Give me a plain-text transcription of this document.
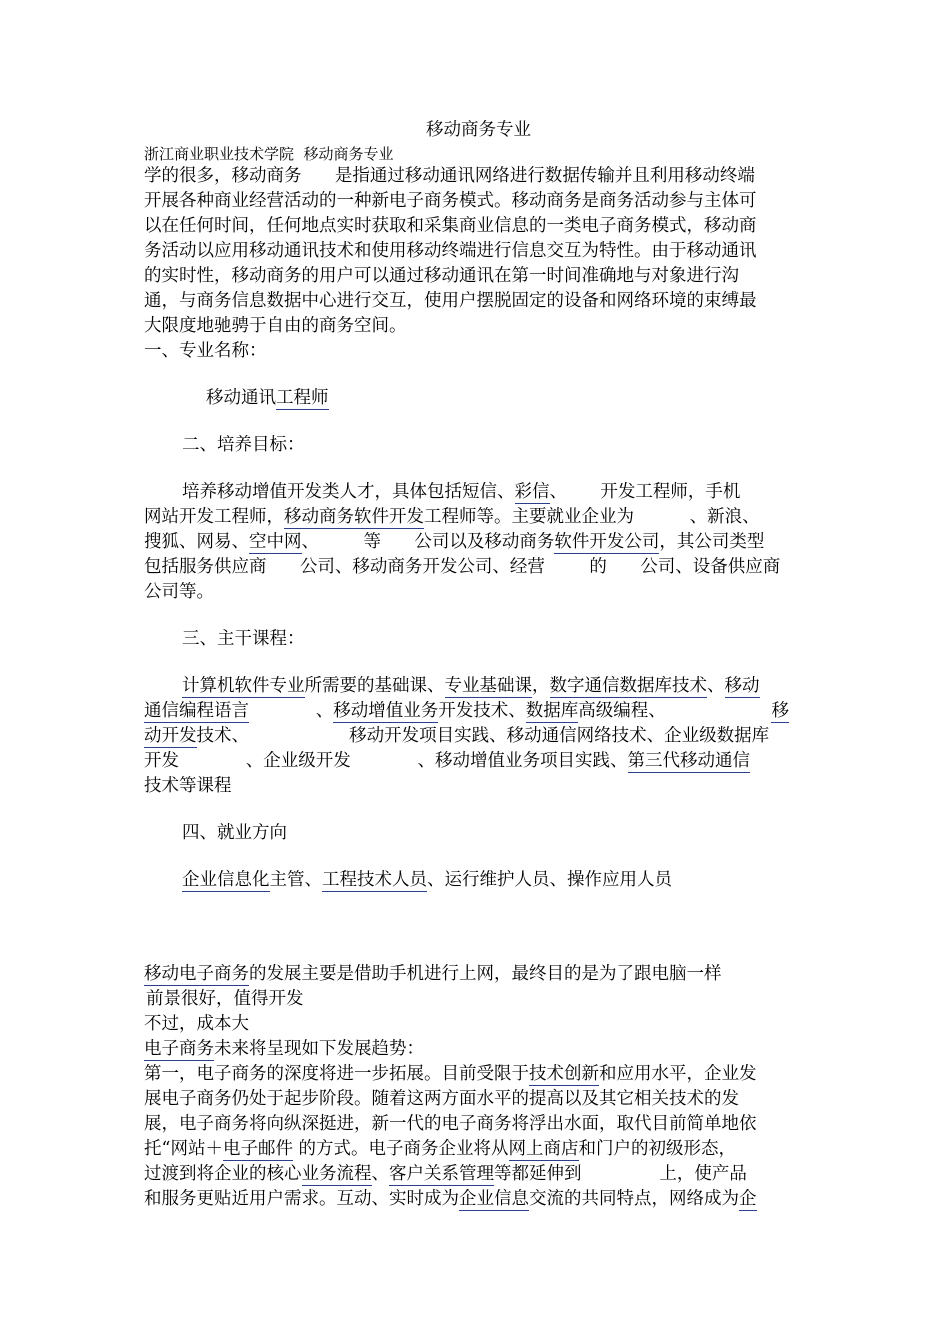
移动商务专业
浙江商业职业技术学院  移动商务专业
学的很多，移动商务      是指通过移动通讯网络进行数据传输并且利用移动终端
开展各种商业经营活动的一种新电子商务模式。移动商务是商务活动参与主体可
以在任何时间，任何地点实时获取和采集商业信息的一类电子商务模式，移动商
务活动以应用移动通讯技术和使用移动终端进行信息交互为特性。由于移动通讯
的实时性，移动商务的用户可以通过移动通讯在第一时间准确地与对象进行沟
通，与商务信息数据中心进行交互，使用户摆脱固定的设备和网络环境的束缚最
大限度地驰骋于自由的商务空间。
一、专业名称：
移动通讯工程师
二、培养目标：
培养移动增值开发类人才，具体包括短信、彩信、      开发工程师，手机
网站开发工程师，移动商务软件开发工程师等。主要就业企业为          、新浪、
搜狐、网易、空中网、        等      公司以及移动商务软件开发公司，其公司类型
包括服务供应商      公司、移动商务开发公司、经营        的      公司、设备供应商
公司等。
三、主干课程：
计算机软件专业所需要的基础课、专业基础课，数字通信数据库技术、移动
通信编程语言            、移动增值业务开发技术、数据库高级编程、                   移
动开发技术、                  移动开发项目实践、移动通信网络技术、企业级数据库
开发            、企业级开发            、移动增值业务项目实践、第三代移动通信
技术等课程
四、就业方向
企业信息化主管、工程技术人员、运行维护人员、操作应用人员
移动电子商务的发展主要是借助手机进行上网，最终目的是为了跟电脑一样
前景很好，值得开发
不过，成本大
电子商务未来将呈现如下发展趋势：
第一，电子商务的深度将进一步拓展。目前受限于技术创新和应用水平，企业发
展电子商务仍处于起步阶段。随着这两方面水平的提高以及其它相关技术的发
展，电子商务将向纵深挺进，新一代的电子商务将浮出水面，取代目前简单地依
托“网站＋电子邮件 的方式。电子商务企业将从网上商店和门户的初级形态，
过渡到将企业的核心业务流程、客户关系管理等都延伸到              上，使产品
和服务更贴近用户需求。互动、实时成为企业信息交流的共同特点，网络成为企
